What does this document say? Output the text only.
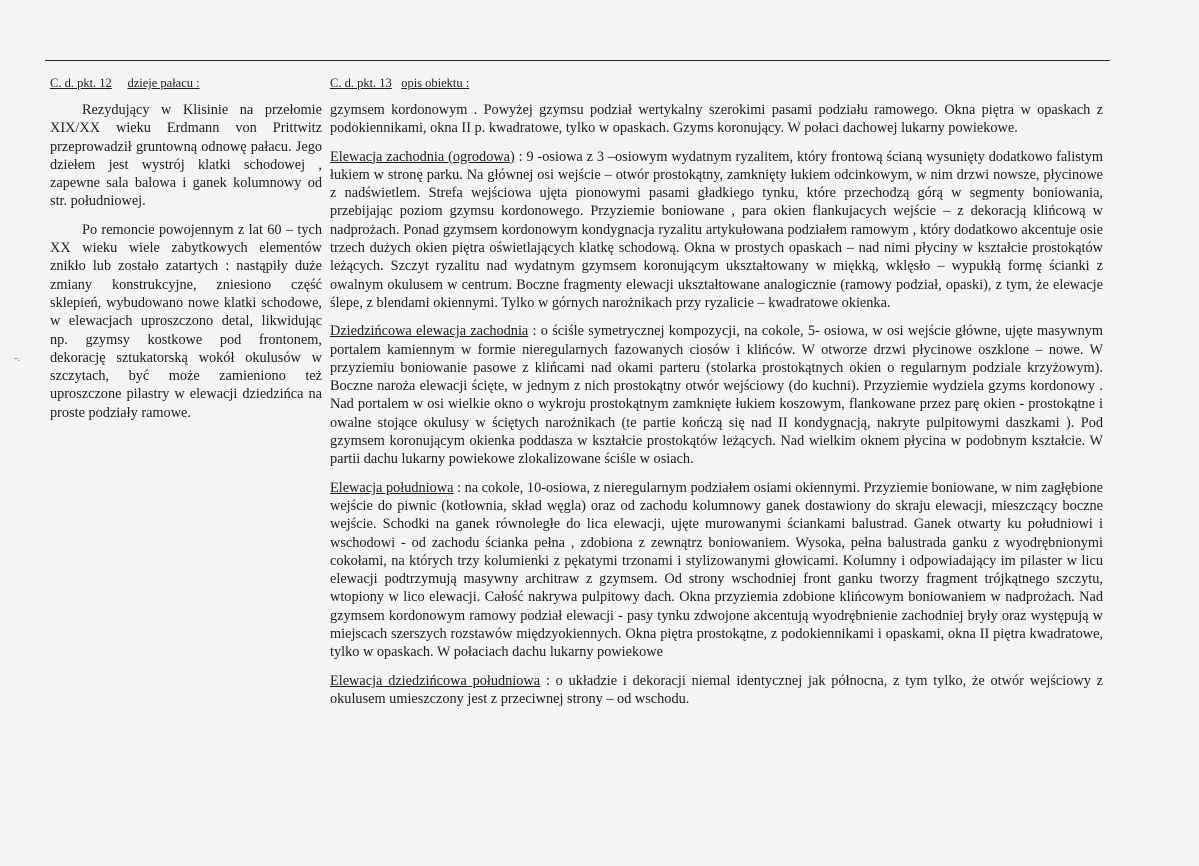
C. d. pkt. 12 dzieje pałacu :	C. d. pkt. 13 opis obiektu :
-.

Rezydujący w Klisinie na przełomie XIX/XX wieku Erdmann von Prittwitz przeprowadził gruntowną odnowę pałacu. Jego dziełem jest wystrój klatki schodowej , zapewne sala balowa i ganek kolumnowy od str. południowej.

Po remoncie powojennym z lat 60 – tych XX wieku wiele zabytkowych elementów znikło lub zostało zatartych : nastąpiły duże zmiany konstrukcyjne, zniesiono część sklepień, wybudowano nowe klatki schodowe, w elewacjach uproszczono detal, likwidując np. gzymsy kostkowe pod frontonem, dekorację sztukatorską wokół okulusów w szczytach, być może zamieniono też uproszczone pilastry w elewacji dziedzińca na proste podziały ramowe.

gzymsem kordonowym . Powyżej gzymsu podział wertykalny szerokimi pasami podziału ramowego. Okna piętra w opaskach z podokiennikami, okna II p. kwadratowe, tylko w opaskach. Gzyms koronujący. W połaci dachowej lukarny powiekowe.

Elewacja zachodnia (ogrodowa) : 9 -osiowa z 3 –osiowym wydatnym ryzalitem, który frontową ścianą wysunięty dodatkowo falistym łukiem w stronę parku. Na głównej osi wejście – otwór prostokątny, zamknięty łukiem odcinkowym, w nim drzwi nowsze, płycinowe z nadświetlem. Strefa wejściowa ujęta pionowymi pasami gładkiego tynku, które przechodzą górą w segmenty boniowania, przebijając poziom gzymsu kordonowego. Przyziemie boniowane , para okien flankujacych wejście – z dekoracją klińcową w nadprożach. Ponad gzymsem kordonowym kondygnacja ryzalitu artykułowana podziałem ramowym , który dodatkowo akcentuje osie trzech dużych okien piętra oświetlających klatkę schodową. Okna w prostych opaskach – nad nimi płyciny w kształcie prostokątów leżących. Szczyt ryzalitu nad wydatnym gzymsem koronującym ukształtowany w miękką, wklęsło – wypukłą formę ścianki z owalnym okulusem w centrum. Boczne fragmenty elewacji ukształtowane analogicznie (ramowy podział, opaski), z tym, że elewacje ślepe, z blendami okiennymi. Tylko w górnych narożnikach przy ryzalicie – kwadratowe okienka.

Dziedzińcowa elewacja zachodnia : o ściśle symetrycznej kompozycji, na cokole, 5- osiowa, w osi wejście główne, ujęte masywnym portalem kamiennym w formie nieregularnych fazowanych ciosów i klińców. W otworze drzwi płycinowe oszklone – nowe. W przyziemiu boniowanie pasowe z klińcami nad okami parteru (stolarka prostokątnych okien o regularnym podziale krzyżowym). Boczne naroża elewacji ścięte, w jednym z nich prostokątny otwór wejściowy (do kuchni). Przyziemie wydziela gzyms kordonowy . Nad portalem w osi wielkie okno o wykroju prostokątnym zamknięte łukiem koszowym, flankowane przez parę okien - prostokątne i owalne stojące okulusy w ściętych narożnikach (te partie kończą się nad II kondygnacją, nakryte pulpitowymi daszkami ). Pod gzymsem koronującym okienka poddasza w kształcie prostokątów leżących. Nad wielkim oknem płycina w podobnym kształcie. W partii dachu lukarny powiekowe zlokalizowane ściśle w osiach.

Elewacja południowa : na cokole, 10-osiowa, z nieregularnym podziałem osiami okiennymi. Przyziemie boniowane, w nim zagłębione wejście do piwnic (kotłownia, skład węgla) oraz od zachodu kolumnowy ganek dostawiony do skraju elewacji, mieszczący boczne wejście. Schodki na ganek równoległe do lica elewacji, ujęte murowanymi ściankami balustrad. Ganek otwarty ku południowi i wschodowi - od zachodu ścianka pełna , zdobiona z zewnątrz boniowaniem. Wysoka, pełna balustrada ganku z wyodrębnionymi cokołami, na których trzy kolumienki z pękatymi trzonami i stylizowanymi głowicami. Kolumny i odpowiadający im pilaster w licu elewacji podtrzymują masywny architraw z gzymsem. Od strony wschodniej front ganku tworzy fragment trójkątnego szczytu, wtopiony w lico elewacji. Całość nakrywa pulpitowy dach. Okna przyziemia zdobione klińcowym boniowaniem w nadprożach. Nad gzymsem kordonowym ramowy podział elewacji - pasy tynku zdwojone akcentują wyodrębnienie zachodniej bryły oraz występują w miejscach szerszych rozstawów międzyokiennych. Okna piętra prostokątne, z podokiennikami i opaskami, okna II piętra kwadratowe, tylko w opaskach. W połaciach dachu lukarny powiekowe

Elewacja dziedzińcowa południowa : o układzie i dekoracji niemal identycznej jak północna, z tym tylko, że otwór wejściowy z okulusem umieszczony jest z przeciwnej strony – od wschodu.
